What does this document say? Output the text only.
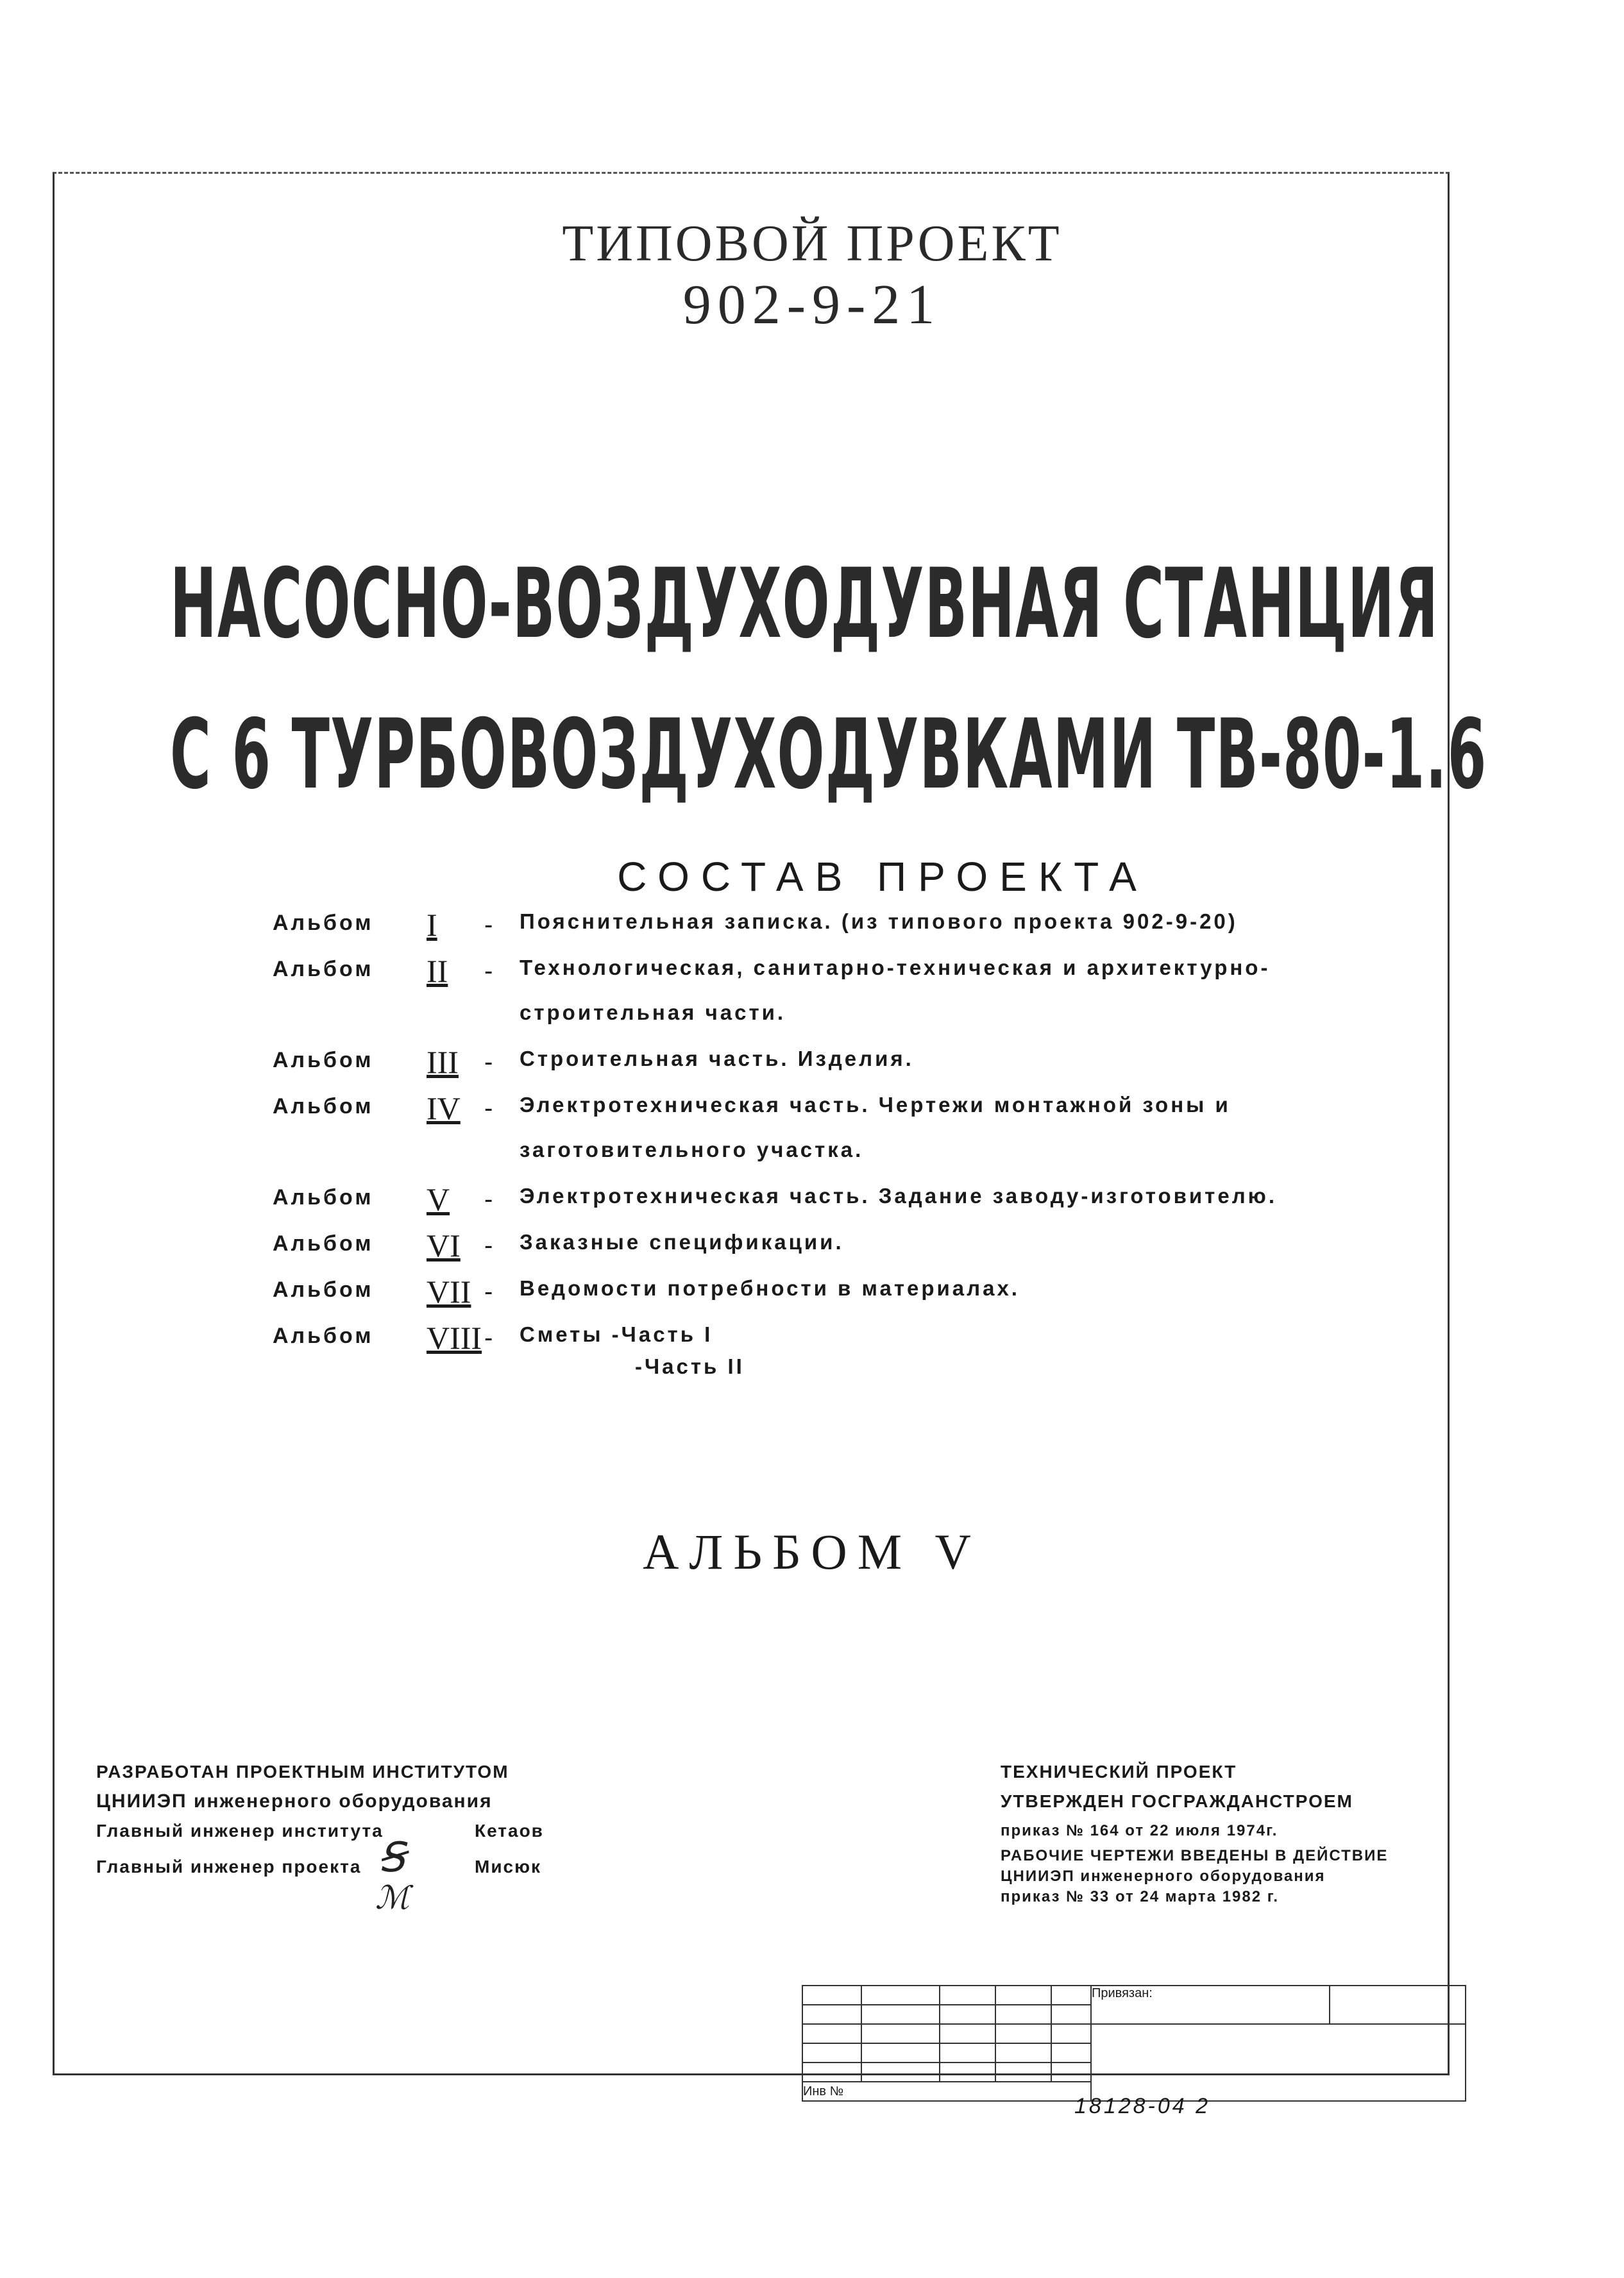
ТИПОВОЙ ПРОЕКТ
902-9-21
НАСОСНО-ВОЗДУХОДУВНАЯ СТАНЦИЯ
С 6 ТУРБОВОЗДУХОДУВКАМИ ТВ-80-1.6
СОСТАВ ПРОЕКТА
Альбом	I	-	Пояснительная записка. (из типового проекта 902-9-20)
Альбом	II	-	Технологическая, санитарно-техническая и архитектурно-
строительная части.
Альбом	III	-	Строительная часть. Изделия.
Альбом	IV -	Электротехническая часть. Чертежи монтажной зоны и
заготовительного участка.
Альбом	V	-	Электротехническая часть. Задание заводу-изготовителю.
Альбом	VI -	Заказные спецификации.
Альбом	VII -	Ведомости потребности в материалах.
Альбом	VIII -	Сметы -Часть I
-Часть II
АЛЬБОМ V
РАЗРАБОТАН ПРОЕКТНЫМ ИНСТИТУТОМ
ЦНИИЭП инженерного оборудования
Главный инженер института	Кетаов
Главный инженер проекта	Мисюк
Ꞩ
ℳ
ТЕХНИЧЕСКИЙ ПРОЕКТ
УТВЕРЖДЕН ГОСГРАЖДАНСТРОЕМ
приказ № 164 от 22 июля 1974г.
РАБОЧИЕ ЧЕРТЕЖИ ВВЕДЕНЫ В ДЕЙСТВИЕ
ЦНИИЭП инженерного оборудования
приказ № 33 от 24 марта 1982 г.
					Привязан:	

Инв №						
18128-04 2
